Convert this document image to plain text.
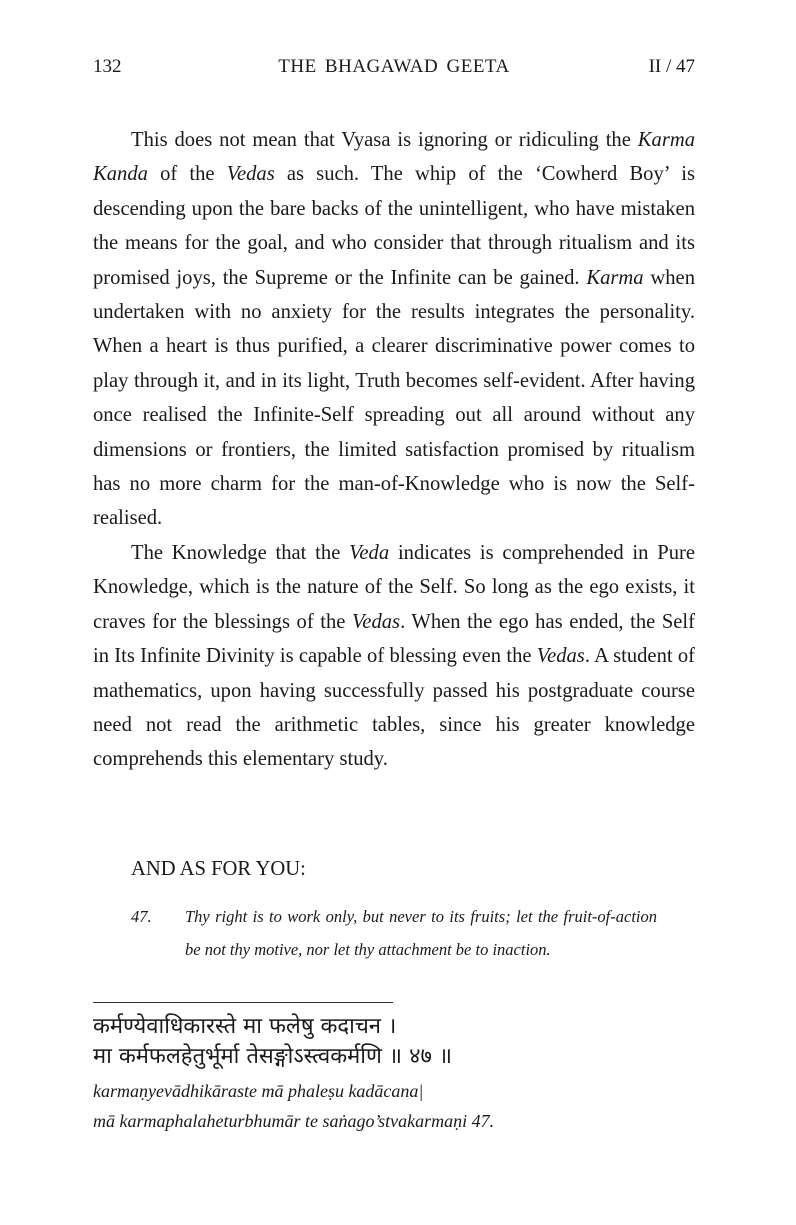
132	THE BHAGAWAD GEETA	II / 47

This does not mean that Vyasa is ignoring or ridiculing the Karma Kanda of the Vedas as such. The whip of the ‘Cowherd Boy’ is descending upon the bare backs of the unintelligent, who have mistaken the means for the goal, and who consider that through ritualism and its promised joys, the Supreme or the Infinite can be gained. Karma when undertaken with no anxiety for the results integrates the personality. When a heart is thus purified, a clearer discriminative power comes to play through it, and in its light, Truth becomes self-evident. After having once realised the Infinite-Self spreading out all around without any dimensions or frontiers, the limited satisfaction promised by ritualism has no more charm for the man-of-Knowledge who is now the Self-realised.

The Knowledge that the Veda indicates is comprehended in Pure Knowledge, which is the nature of the Self. So long as the ego exists, it craves for the blessings of the Vedas. When the ego has ended, the Self in Its Infinite Divinity is capable of blessing even the Vedas. A student of mathematics, upon having successfully passed his postgraduate course need not read the arithmetic tables, since his greater knowledge comprehends this elementary study.

AND AS FOR YOU:
47. Thy right is to work only, but never to its fruits; let the fruit-of-action be not thy motive, nor let thy attachment be to inaction.

कर्मण्येवाधिकारस्ते मा फलेषु कदाचन ।
मा कर्मफलहेतुर्भूर्मा तेसङ्गोऽस्त्वकर्मणि ॥ ४७ ॥
karmaṇyevādhikāraste mā phaleṣu kadācana|
mā karmaphalaheturbhumār te saṅago’stvakarmaṇi 47.
